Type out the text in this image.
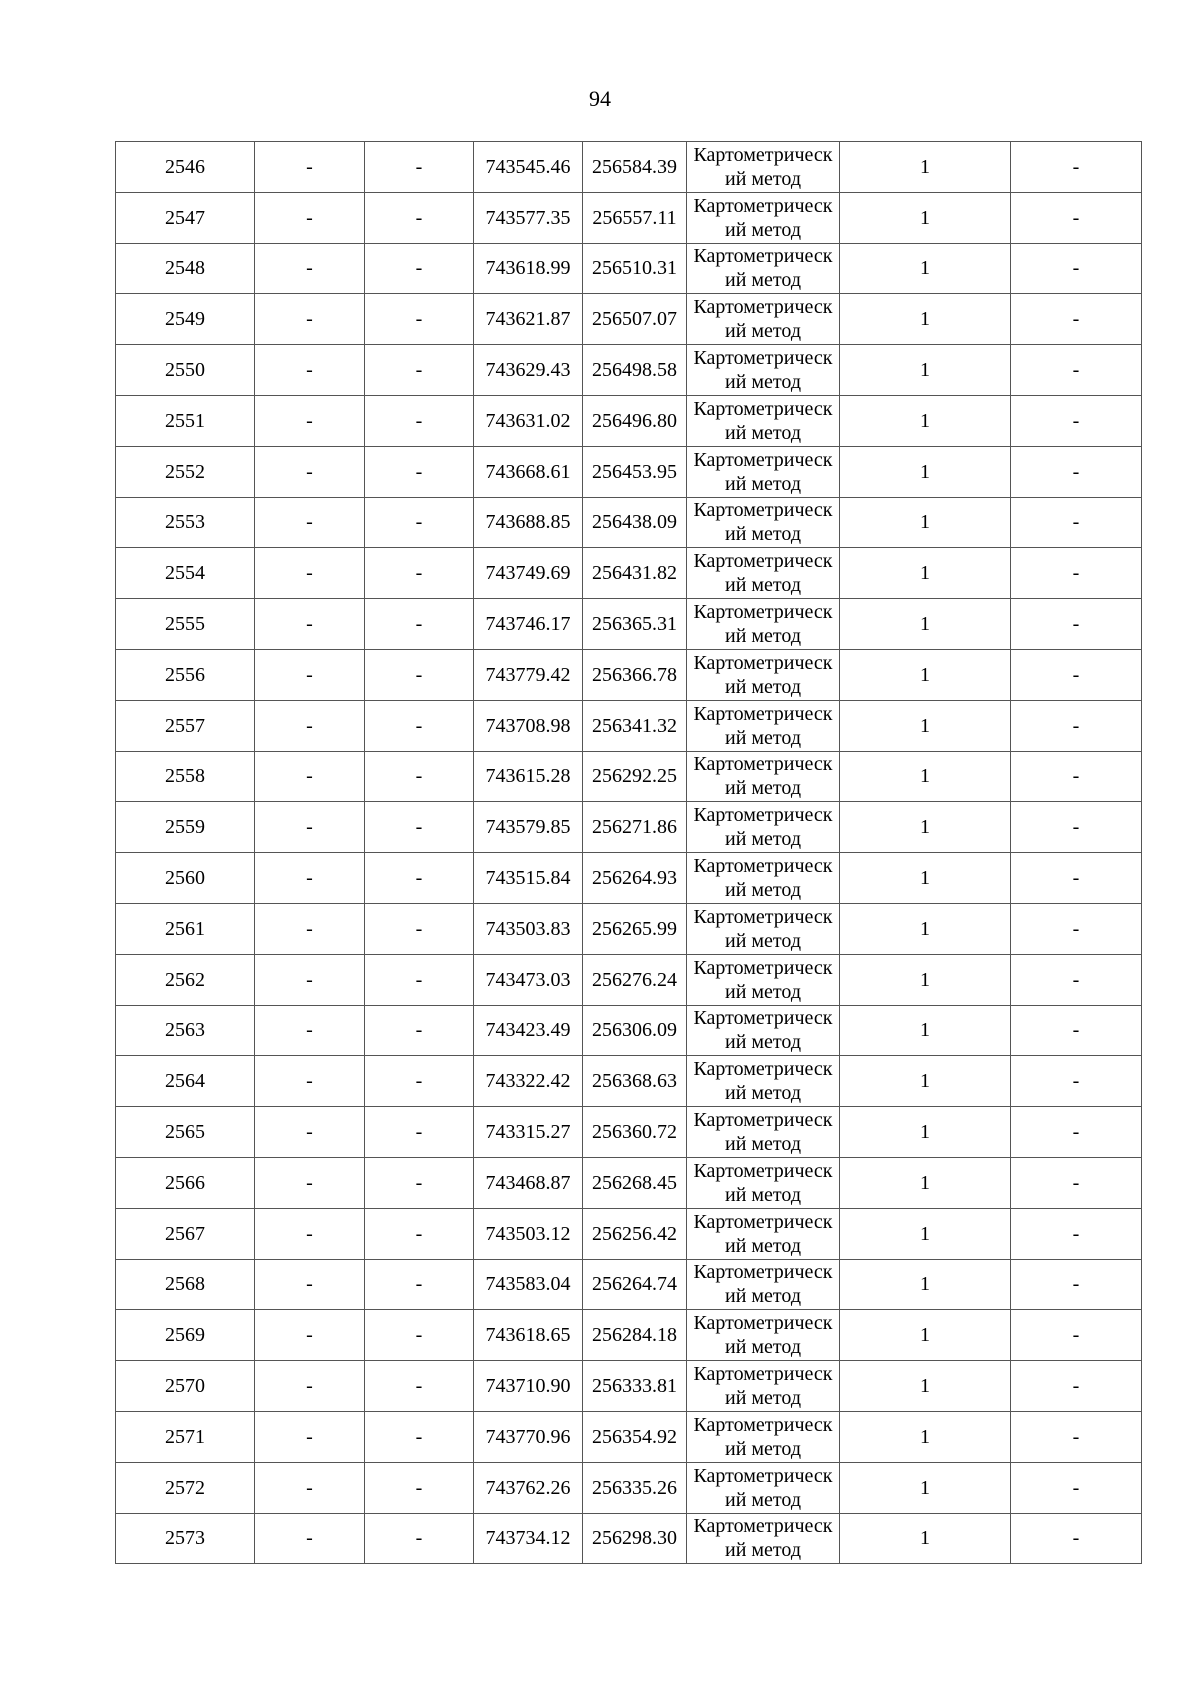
94
2546	-	-	743545.46	256584.39	Картометрический метод	1	-
2547	-	-	743577.35	256557.11	Картометрический метод	1	-
2548	-	-	743618.99	256510.31	Картометрический метод	1	-
2549	-	-	743621.87	256507.07	Картометрический метод	1	-
2550	-	-	743629.43	256498.58	Картометрический метод	1	-
2551	-	-	743631.02	256496.80	Картометрический метод	1	-
2552	-	-	743668.61	256453.95	Картометрический метод	1	-
2553	-	-	743688.85	256438.09	Картометрический метод	1	-
2554	-	-	743749.69	256431.82	Картометрический метод	1	-
2555	-	-	743746.17	256365.31	Картометрический метод	1	-
2556	-	-	743779.42	256366.78	Картометрический метод	1	-
2557	-	-	743708.98	256341.32	Картометрический метод	1	-
2558	-	-	743615.28	256292.25	Картометрический метод	1	-
2559	-	-	743579.85	256271.86	Картометрический метод	1	-
2560	-	-	743515.84	256264.93	Картометрический метод	1	-
2561	-	-	743503.83	256265.99	Картометрический метод	1	-
2562	-	-	743473.03	256276.24	Картометрический метод	1	-
2563	-	-	743423.49	256306.09	Картометрический метод	1	-
2564	-	-	743322.42	256368.63	Картометрический метод	1	-
2565	-	-	743315.27	256360.72	Картометрический метод	1	-
2566	-	-	743468.87	256268.45	Картометрический метод	1	-
2567	-	-	743503.12	256256.42	Картометрический метод	1	-
2568	-	-	743583.04	256264.74	Картометрический метод	1	-
2569	-	-	743618.65	256284.18	Картометрический метод	1	-
2570	-	-	743710.90	256333.81	Картометрический метод	1	-
2571	-	-	743770.96	256354.92	Картометрический метод	1	-
2572	-	-	743762.26	256335.26	Картометрический метод	1	-
2573	-	-	743734.12	256298.30	Картометрический метод	1	-
